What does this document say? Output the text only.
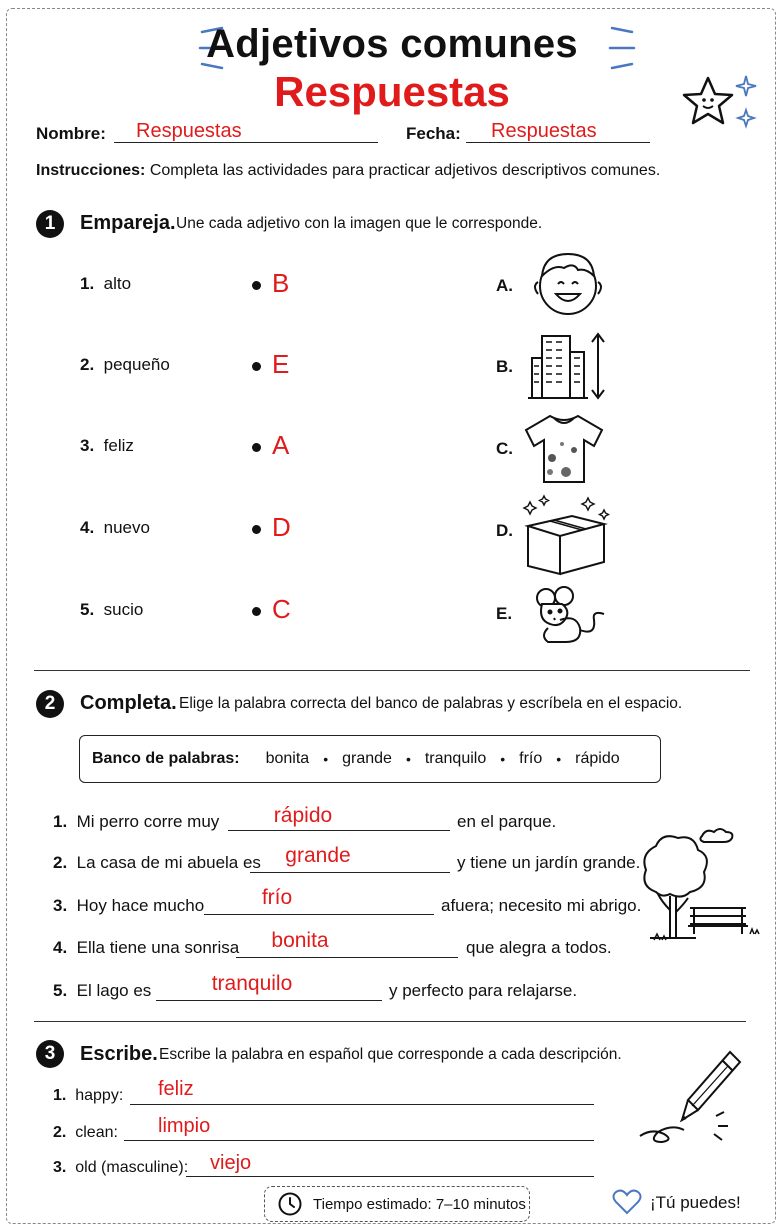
Adjetivos comunes
Respuestas
Nombre: Respuestas	Fecha: Respuestas
Instrucciones: Completa las actividades para practicar adjetivos descriptivos comunes.
1	Empareja. Une cada adjetivo con la imagen que le corresponde.
1. alto	B
2. pequeño	E
3. feliz	A
4. nuevo	D
5. sucio	C
A.
B.
C.
D.
E.
2	Completa. Elige la palabra correcta del banco de palabras y escríbela en el espacio.
Banco de palabras: bonita • grande • tranquilo • frío • rápido
1. Mi perro corre muy	rápido	en el parque.
2. La casa de mi abuela es	grande	y tiene un jardín grande.
3. Hoy hace mucho	frío	afuera; necesito mi abrigo.
4. Ella tiene una sonrisa	bonita	que alegra a todos.
5. El lago es	tranquilo	y perfecto para relajarse.
3	Escribe. Escribe la palabra en español que corresponde a cada descripción.
1. happy: feliz
2. clean: limpio
3. old (masculine): viejo
Tiempo estimado: 7–10 minutos	¡Tú puedes!
